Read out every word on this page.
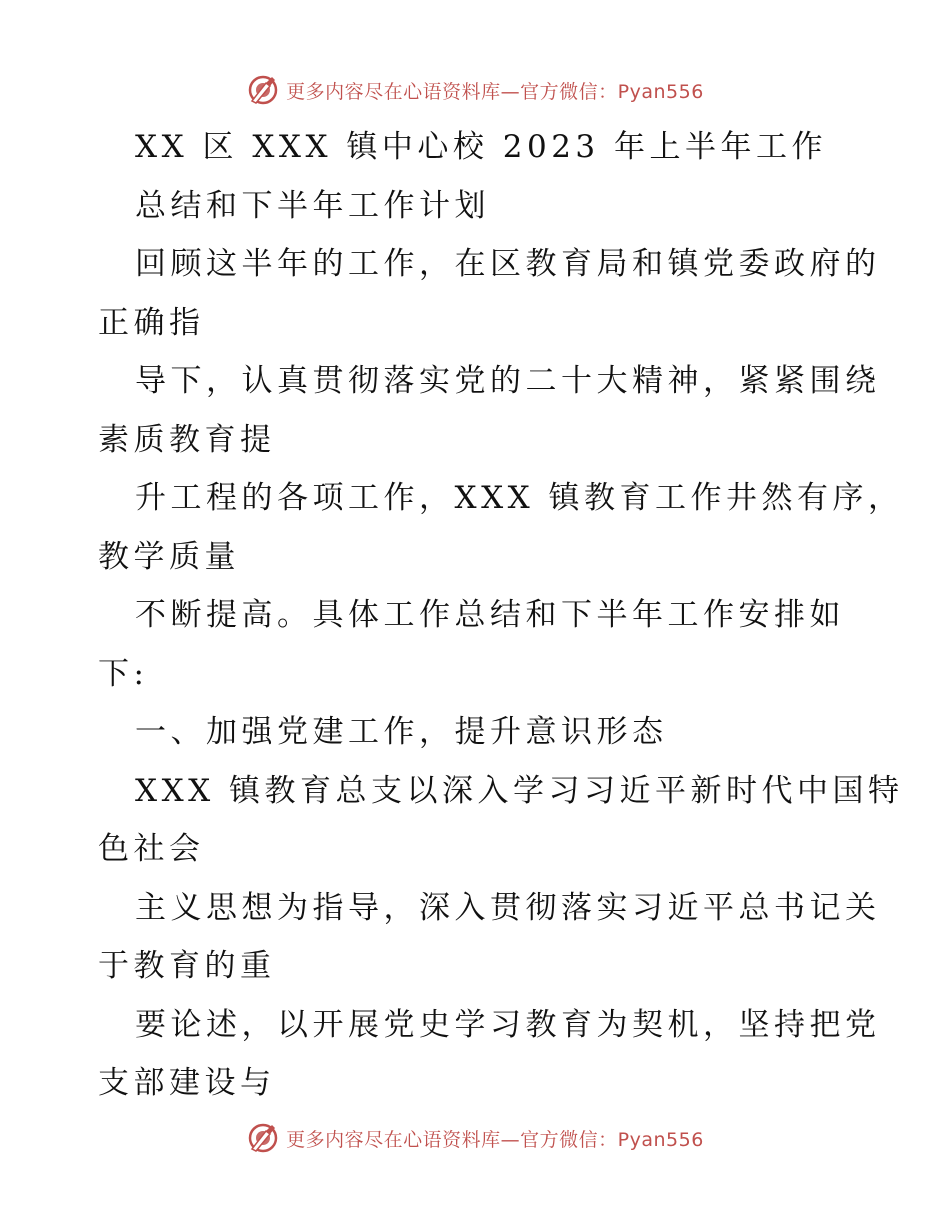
更多内容尽在心语资料库—官方微信：Pyan556
XX 区 XXX 镇中心校 2023 年上半年工作
总结和下半年工作计划
回顾这半年的工作，在区教育局和镇党委政府的
正确指
导下，认真贯彻落实党的二十大精神，紧紧围绕
素质教育提
升工程的各项工作，XXX 镇教育工作井然有序，
教学质量
不断提高。具体工作总结和下半年工作安排如
下:
一、加强党建工作，提升意识形态
XXX 镇教育总支以深入学习习近平新时代中国特
色社会
主义思想为指导，深入贯彻落实习近平总书记关
于教育的重
要论述，以开展党史学习教育为契机，坚持把党
支部建设与
更多内容尽在心语资料库—官方微信：Pyan556
